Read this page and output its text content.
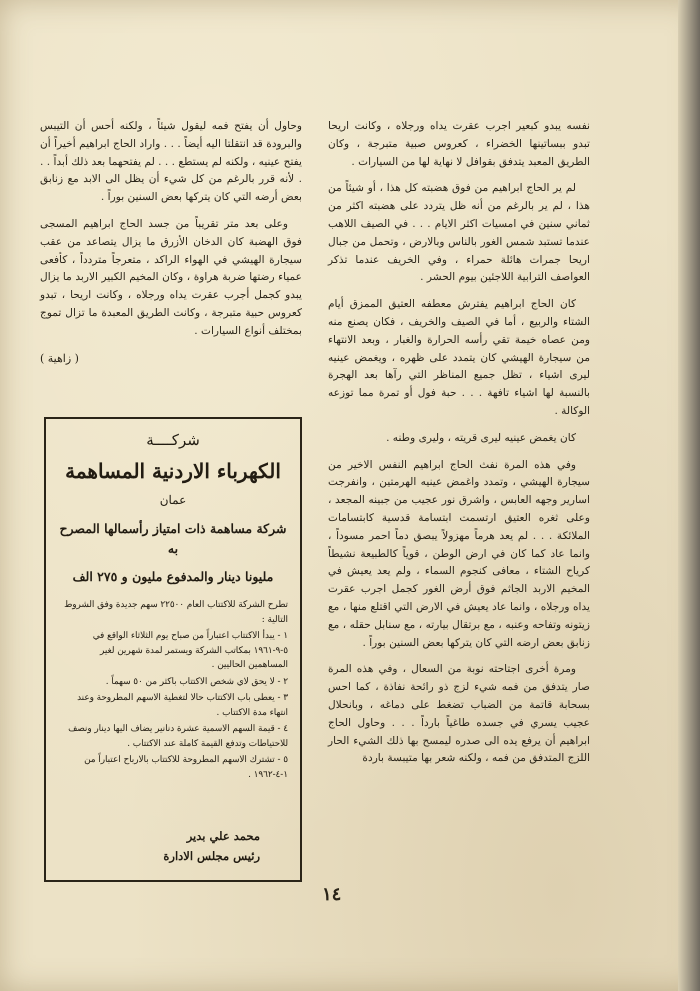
نفسه يبدو كبعير اجرب عقرت يداه ورجلاه ، وكانت اريحا تبدو ببساتينها الخضراء ، كعروس صبية متبرجة ، وكان الطريق المعبد يتدفق بقوافل لا نهاية لها من السيارات .

لم ير الحاج ابراهيم من فوق هضبته كل هذا ، أو شيئاً من هذا ، لم ير بالرغم من أنه ظل يتردد على هضبته اكثر من ثماني سنين في امسيات اكثر الايام . . . في الصيف اللاهب عندما تستبد شمس الغور بالناس وبالارض ، وتحمل من جبال اريحا جمرات هائلة حمراء ، وفي الخريف عندما تذكر العواصف الترابية اللاجئين بيوم الحشر .

كان الحاج ابراهيم يفترش معطفه العتيق الممزق أيام الشتاء والربيع ، أما في الصيف والخريف ، فكان يصنع منه ومن عصاه خيمة تقي رأسه الحرارة والغبار ، وبعد الانتهاء من سيجارة الهيشي كان يتمدد على ظهره ، ويغمض عينيه ليرى اشياء ، تظل جميع المناظر التي رآها بعد الهجرة بالنسبة لها اشياء تافهة . . . حبة فول أو تمرة مما توزعه الوكالة .

كان يغمض عينيه ليرى قريته ، وليرى وطنه .

وفي هذه المرة نفث الحاج ابراهيم النفس الاخير من سيجارة الهيشي ، وتمدد واغمض عينيه الهرمتين ، وانفرجت اسارير وجهه العابس ، واشرق نور عجيب من جبينه المجعد ، وعلى ثغره العتيق ارتسمت ابتسامة قدسية كابتسامات الملائكة . . . لم يعد هرماً مهزولاً يبصق دماً احمر مسوداً ، وانما عاد كما كان في ارض الوطن ، قوياً كالطبيعة نشيطاً كرياح الشتاء ، معافى كنجوم السماء ، ولم يعد يعيش في المخيم الاربد الجاثم فوق أرض الغور كجمل اجرب عقرت يداه ورجلاه ، وانما عاد يعيش في الارض التي اقتلع منها ، مع زيتونه وتفاحه وعنبه ، مع برتقال بيارته ، مع سنابل حقله ، مع زنابق بعض ارضه التي كان يتركها بعض السنين بوراً .

ومرة أخرى اجتاحته نوبة من السعال ، وفي هذه المرة صار يتدفق من فمه شيء لزج ذو رائحة نفاذة ، كما احس بسحابة قاتمة من الضباب تضغط على دماغه ، وبانحلال عجيب يسري في جسده طاغياً بارداً . . . وحاول الحاج ابراهيم أن يرفع يده الى صدره ليمسح بها ذلك الشيء الحار اللزج المتدفق من فمه ، ولكنه شعر بها متيبسة باردة

وحاول أن يفتح فمه ليقول شيئاً ، ولكنه أحس أن التيبس والبرودة قد انتقلتا اليه أيضاً . . . واراد الحاج ابراهيم أخيراً أن يفتح عينيه ، ولكنه لم يستطع . . . لم يفتحهما بعد ذلك أبداً . . . لأنه قرر بالرغم من كل شيء أن يظل الى الابد مع زنابق بعض أرضه التي كان يتركها بعض السنين بوراً .

وعلى بعد متر تقريباً من جسد الحاج ابراهيم المسجى فوق الهضبة كان الدخان الأزرق ما يزال يتصاعد من عقب سيجارة الهيشي في الهواء الراكد ، متعرجاً متردداً ، كأفعى عمياء رضتها ضربة هراوة ، وكان المخيم الكبير الاربد ما يزال يبدو كجمل أجرب عقرت يداه ورجلاه ، وكانت اريحا ، تبدو كعروس حبية متبرجة ، وكانت الطريق المعبدة ما تزال تموج بمختلف أنواع السيارات .

( زاهية )
شركــــة
الكهرباء الاردنية المساهمة
عمان
شركة مساهمة ذات امتياز رأسمالها المصرح به
مليونا دينار والمدفوع مليون و ٢٧٥ الف
تطرح الشركة للاكتتاب العام ٢٢٥٠٠ سهم جديدة وفق الشروط التالية :
١ - يبدأ الاكتتاب اعتباراً من صباح يوم الثلاثاء الواقع في ٥-٩-١٩٦١ بمكاتب الشركة ويستمر لمدة شهرين لغير المساهمين الحاليين .
٢ - لا يحق لاي شخص الاكتتاب باكثر من ٥٠ سهماً .
٣ - يعطى باب الاكتتاب حالا لتغطية الاسهم المطروحة وعند انتهاء مدة الاكتتاب .
٤ - قيمة السهم الاسمية عشرة دنانير يضاف اليها دينار ونصف للاحتياطات وتدفع القيمة كاملة عند الاكتتاب .
٥ - تشترك الاسهم المطروحة للاكتتاب بالارباح اعتباراً من ١-٤-١٩٦٢ .
محمد علي بدير
رئيس مجلس الادارة
١٤
